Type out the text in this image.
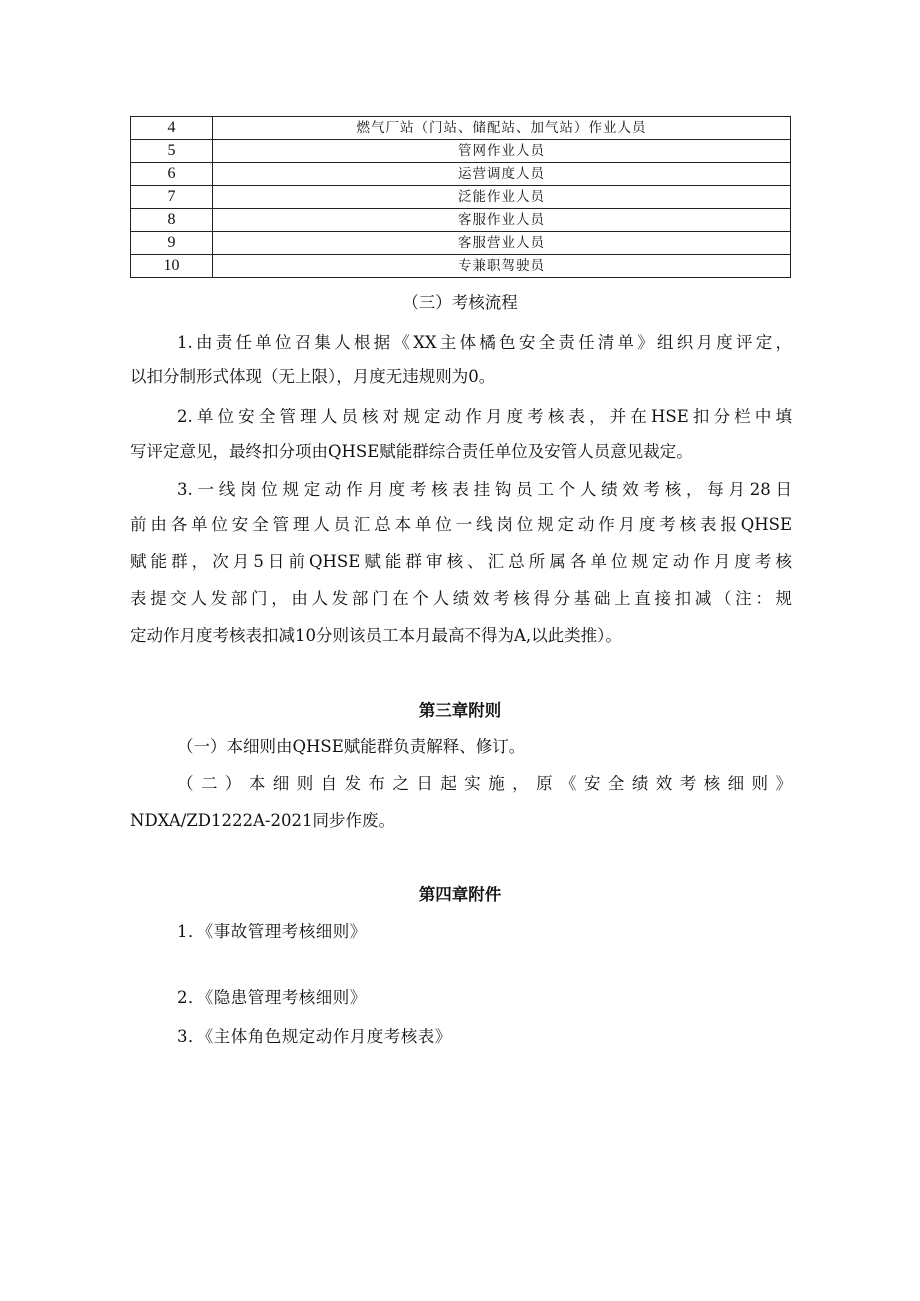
4	燃气厂站（门站、储配站、加气站）作业人员
5	管网作业人员
6	运营调度人员
7	泛能作业人员
8	客服作业人员
9	客服营业人员
10	专兼职驾驶员

（三）考核流程

1.由责任单位召集人根据《XX主体橘色安全责任清单》组织月度评定，

以扣分制形式体现（无上限），月度无违规则为0。

2.单位安全管理人员核对规定动作月度考核表，并在HSE扣分栏中填

写评定意见，最终扣分项由QHSE赋能群综合责任单位及安管人员意见裁定。

3.一线岗位规定动作月度考核表挂钩员工个人绩效考核，每月28日

前由各单位安全管理人员汇总本单位一线岗位规定动作月度考核表报QHSE

赋能群，次月5日前QHSE赋能群审核、汇总所属各单位规定动作月度考核

表提交人发部门，由人发部门在个人绩效考核得分基础上直接扣减（注：规

定动作月度考核表扣减10分则该员工本月最高不得为A,以此类推）。

第三章附则

（一）本细则由QHSE赋能群负责解释、修订。

（二）本细则自发布之日起实施，原《安全绩效考核细则》

NDXA/ZD1222A-2021同步作废。

第四章附件

1．《事故管理考核细则》

2．《隐患管理考核细则》

3．《主体角色规定动作月度考核表》
